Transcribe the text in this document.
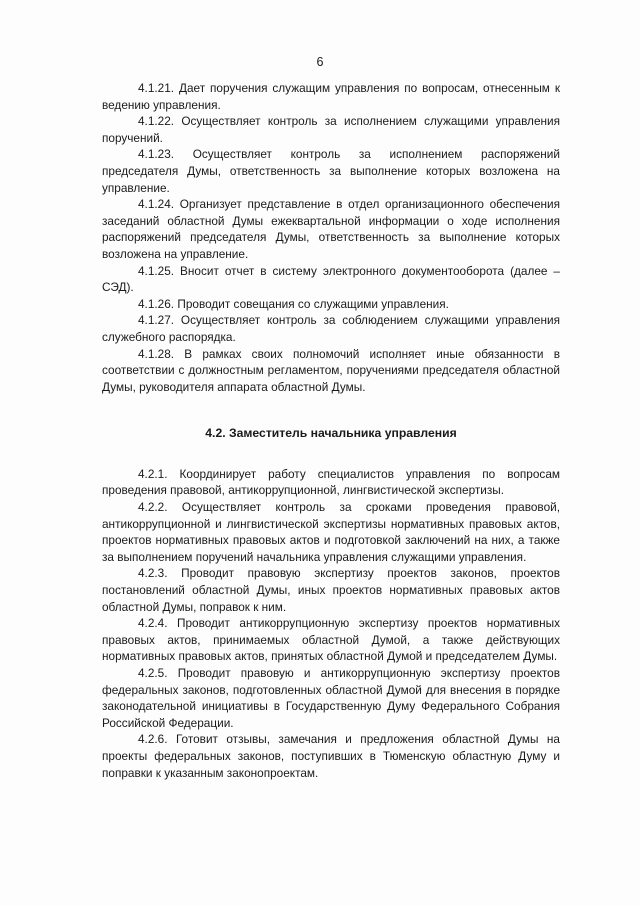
6

4.1.21. Дает поручения служащим управления по вопросам, отнесенным к ведению управления.

4.1.22. Осуществляет контроль за исполнением служащими управления поручений.

4.1.23. Осуществляет контроль за исполнением распоряжений председателя Думы, ответственность за выполнение которых возложена на управление.

4.1.24. Организует представление в отдел организационного обеспечения заседаний областной Думы ежеквартальной информации о ходе исполнения распоряжений председателя Думы, ответственность за выполнение которых возложена на управление.

4.1.25. Вносит отчет в систему электронного документооборота (далее – СЭД).

4.1.26. Проводит совещания со служащими управления.

4.1.27. Осуществляет контроль за соблюдением служащими управления служебного распорядка.

4.1.28. В рамках своих полномочий исполняет иные обязанности в соответствии с должностным регламентом, поручениями председателя областной Думы, руководителя аппарата областной Думы.

4.2. Заместитель начальника управления

4.2.1. Координирует работу специалистов управления по вопросам проведения правовой, антикоррупционной, лингвистической экспертизы.

4.2.2. Осуществляет контроль за сроками проведения правовой, антикоррупционной и лингвистической экспертизы нормативных правовых актов, проектов нормативных правовых актов и подготовкой заключений на них, а также за выполнением поручений начальника управления служащими управления.

4.2.3. Проводит правовую экспертизу проектов законов, проектов постановлений областной Думы, иных проектов нормативных правовых актов областной Думы, поправок к ним.

4.2.4. Проводит антикоррупционную экспертизу проектов нормативных правовых актов, принимаемых областной Думой, а также действующих нормативных правовых актов, принятых областной Думой и председателем Думы.

4.2.5. Проводит правовую и антикоррупционную экспертизу проектов федеральных законов, подготовленных областной Думой для внесения в порядке законодательной инициативы в Государственную Думу Федерального Собрания Российской Федерации.

4.2.6. Готовит отзывы, замечания и предложения областной Думы на проекты федеральных законов, поступивших в Тюменскую областную Думу и поправки к указанным законопроектам.
